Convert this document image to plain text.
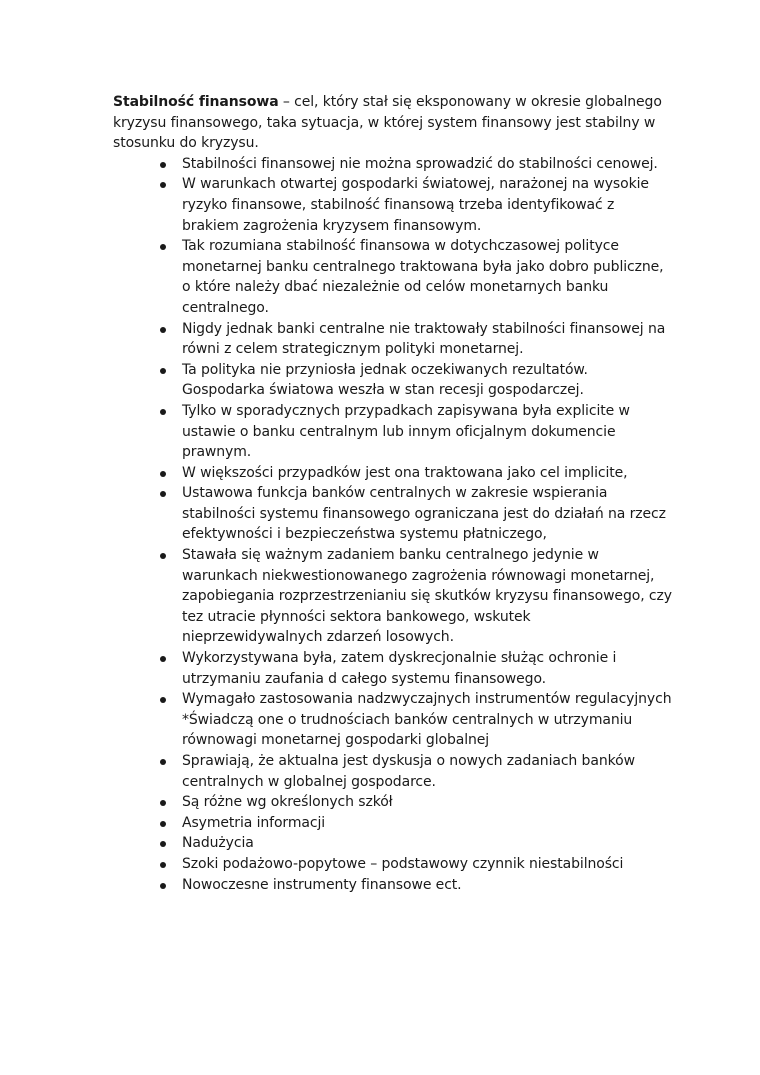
Stabilność finansowa – cel, który stał się eksponowany w okresie globalnego kryzysu finansowego, taka sytuacja, w której system finansowy jest stabilny w stosunku do kryzysu.

Stabilności finansowej nie można sprowadzić do stabilności cenowej.
W warunkach otwartej gospodarki światowej, narażonej na wysokie ryzyko finansowe, stabilność finansową trzeba identyfikować z brakiem zagrożenia kryzysem finansowym.
Tak rozumiana stabilność finansowa w dotychczasowej polityce monetarnej banku centralnego traktowana była jako dobro publiczne, o które należy dbać niezależnie od celów monetarnych banku centralnego.
Nigdy jednak banki centralne nie traktowały stabilności finansowej na równi z celem strategicznym polityki monetarnej.
Ta polityka nie przyniosła jednak oczekiwanych rezultatów. Gospodarka światowa weszła w stan recesji gospodarczej.
Tylko w sporadycznych przypadkach zapisywana była explicite w ustawie o banku centralnym lub innym oficjalnym dokumencie prawnym.
W większości przypadków jest ona traktowana jako cel implicite,
Ustawowa funkcja banków centralnych w zakresie wspierania stabilności systemu finansowego ograniczana jest do działań na rzecz efektywności i bezpieczeństwa systemu płatniczego,
Stawała się ważnym zadaniem banku centralnego jedynie w warunkach niekwestionowanego zagrożenia równowagi monetarnej, zapobiegania rozprzestrzenianiu się skutków kryzysu finansowego, czy tez utracie płynności sektora bankowego, wskutek nieprzewidywalnych zdarzeń losowych.
Wykorzystywana była, zatem dyskrecjonalnie służąc ochronie i utrzymaniu zaufania d całego systemu finansowego.
Wymagało zastosowania nadzwyczajnych instrumentów regulacyjnych *Świadczą one o trudnościach banków centralnych w utrzymaniu równowagi monetarnej gospodarki globalnej
Sprawiają, że aktualna jest dyskusja o nowych zadaniach banków centralnych w globalnej gospodarce.
Są różne wg określonych szkół
Asymetria informacji
Nadużycia
Szoki podażowo-popytowe – podstawowy czynnik niestabilności
Nowoczesne instrumenty finansowe ect.
